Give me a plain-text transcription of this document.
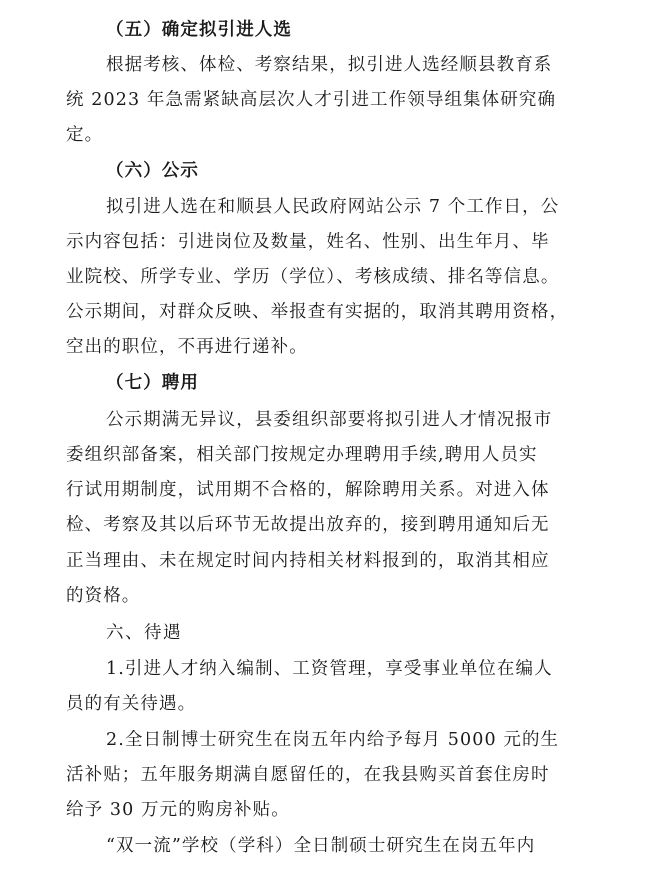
（五）确定拟引进人选
根据考核、体检、考察结果，拟引进人选经顺县教育系
统 2023 年急需紧缺高层次人才引进工作领导组集体研究确
定。
（六）公示
拟引进人选在和顺县人民政府网站公示 7 个工作日，公
示内容包括：引进岗位及数量，姓名、性别、出生年月、毕
业院校、所学专业、学历（学位）、考核成绩、排名等信息。
公示期间，对群众反映、举报查有实据的，取消其聘用资格，
空出的职位，不再进行递补。
（七）聘用
公示期满无异议，县委组织部要将拟引进人才情况报市
委组织部备案，相关部门按规定办理聘用手续,聘用人员实
行试用期制度，试用期不合格的，解除聘用关系。对进入体
检、考察及其以后环节无故提出放弃的，接到聘用通知后无
正当理由、未在规定时间内持相关材料报到的，取消其相应
的资格。
六、待遇
1.引进人才纳入编制、工资管理，享受事业单位在编人
员的有关待遇。
2.全日制博士研究生在岗五年内给予每月 5000 元的生
活补贴；五年服务期满自愿留任的，在我县购买首套住房时
给予 30 万元的购房补贴。
“双一流”学校（学科）全日制硕士研究生在岗五年内
